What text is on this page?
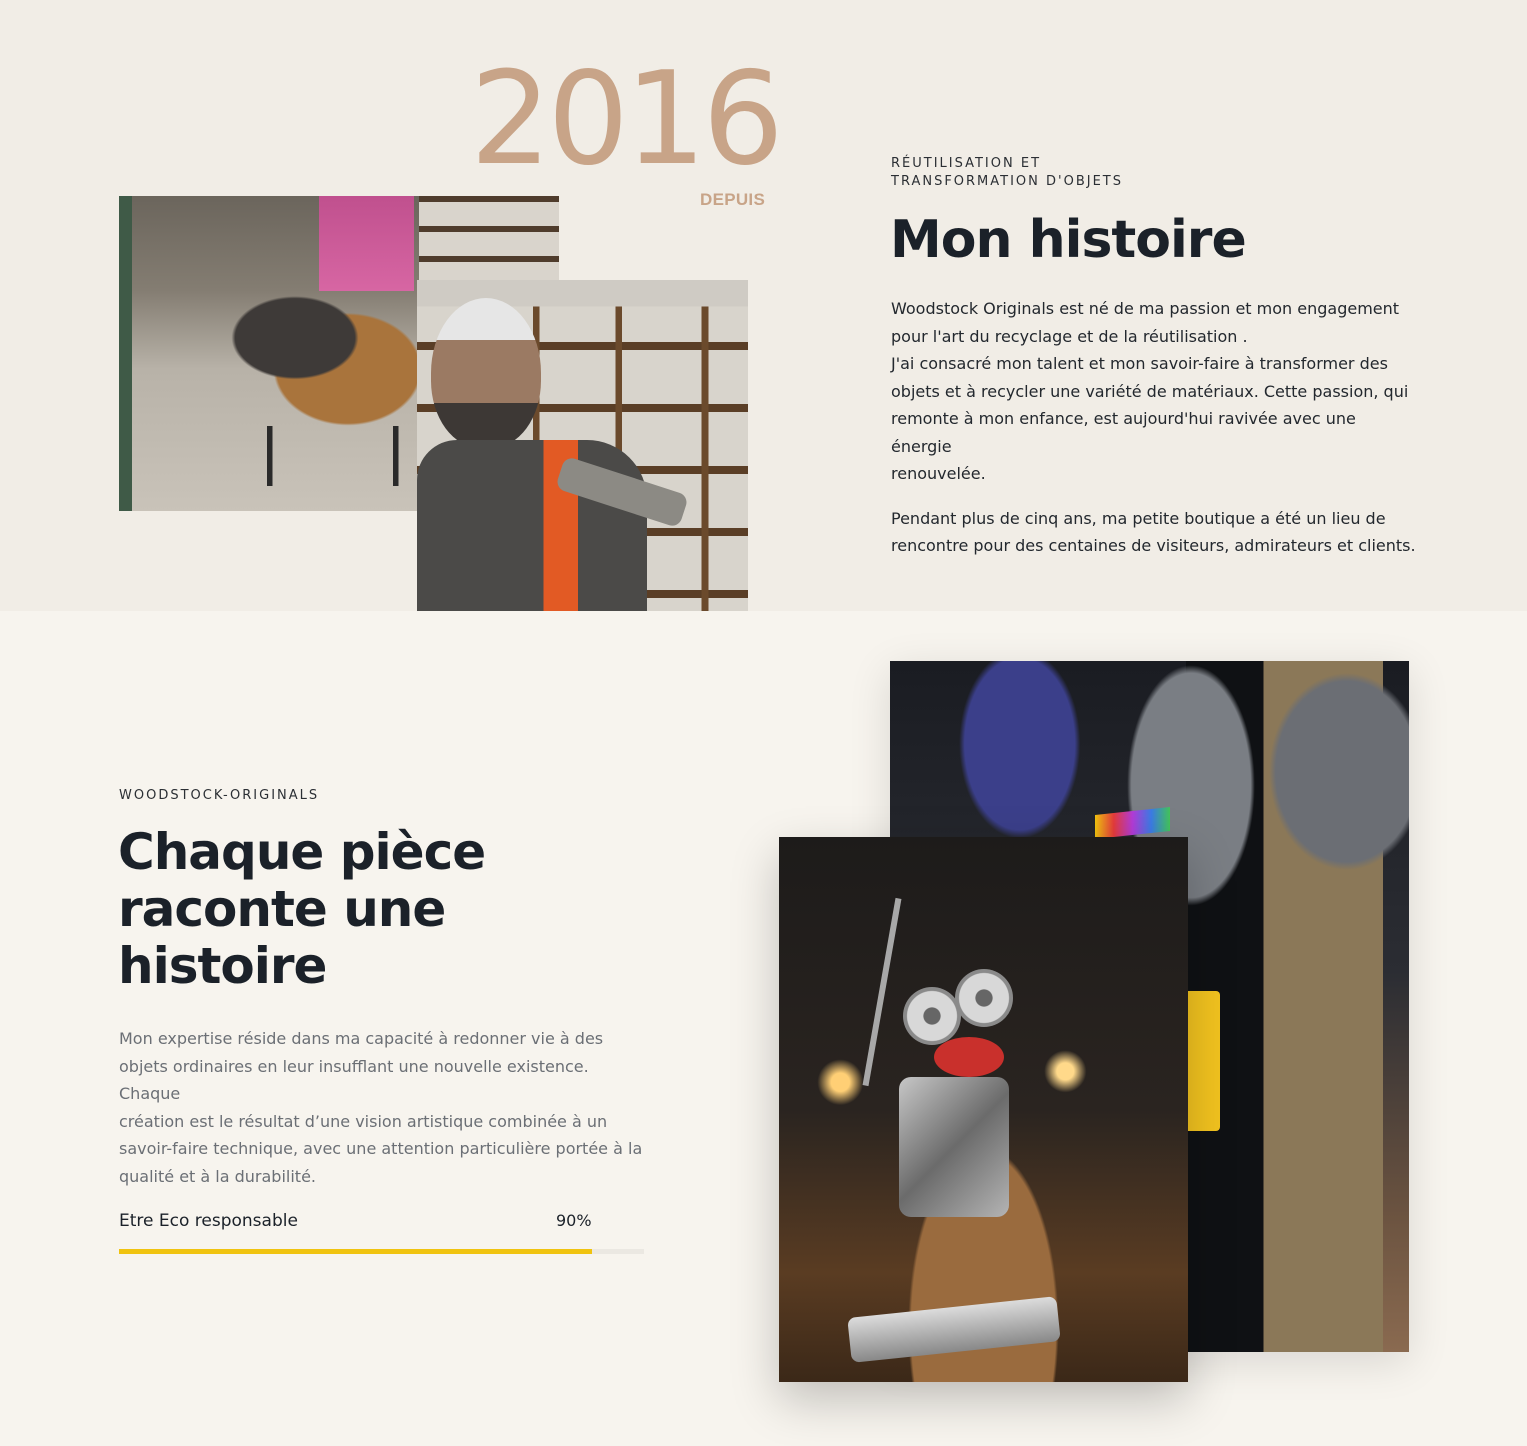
2016
DEPUIS
RÉUTILISATION ET
TRANSFORMATION D'OBJETS
Mon histoire

Woodstock Originals est né de ma passion et mon engagement
pour l'art du recyclage et de la réutilisation .
J'ai consacré mon talent et mon savoir-faire à transformer des
objets et à recycler une variété de matériaux. Cette passion, qui
remonte à mon enfance, est aujourd'hui ravivée avec une énergie
renouvelée.

Pendant plus de cinq ans, ma petite boutique a été un lieu de
rencontre pour des centaines de visiteurs, admirateurs et clients.

WOODSTOCK-ORIGINALS
Chaque pièce
raconte une
histoire
Mon expertise réside dans ma capacité à redonner vie à des
objets ordinaires en leur insufflant une nouvelle existence. Chaque
création est le résultat d’une vision artistique combinée à un
savoir-faire technique, avec une attention particulière portée à la
qualité et à la durabilité.
Etre Eco responsable	90%
